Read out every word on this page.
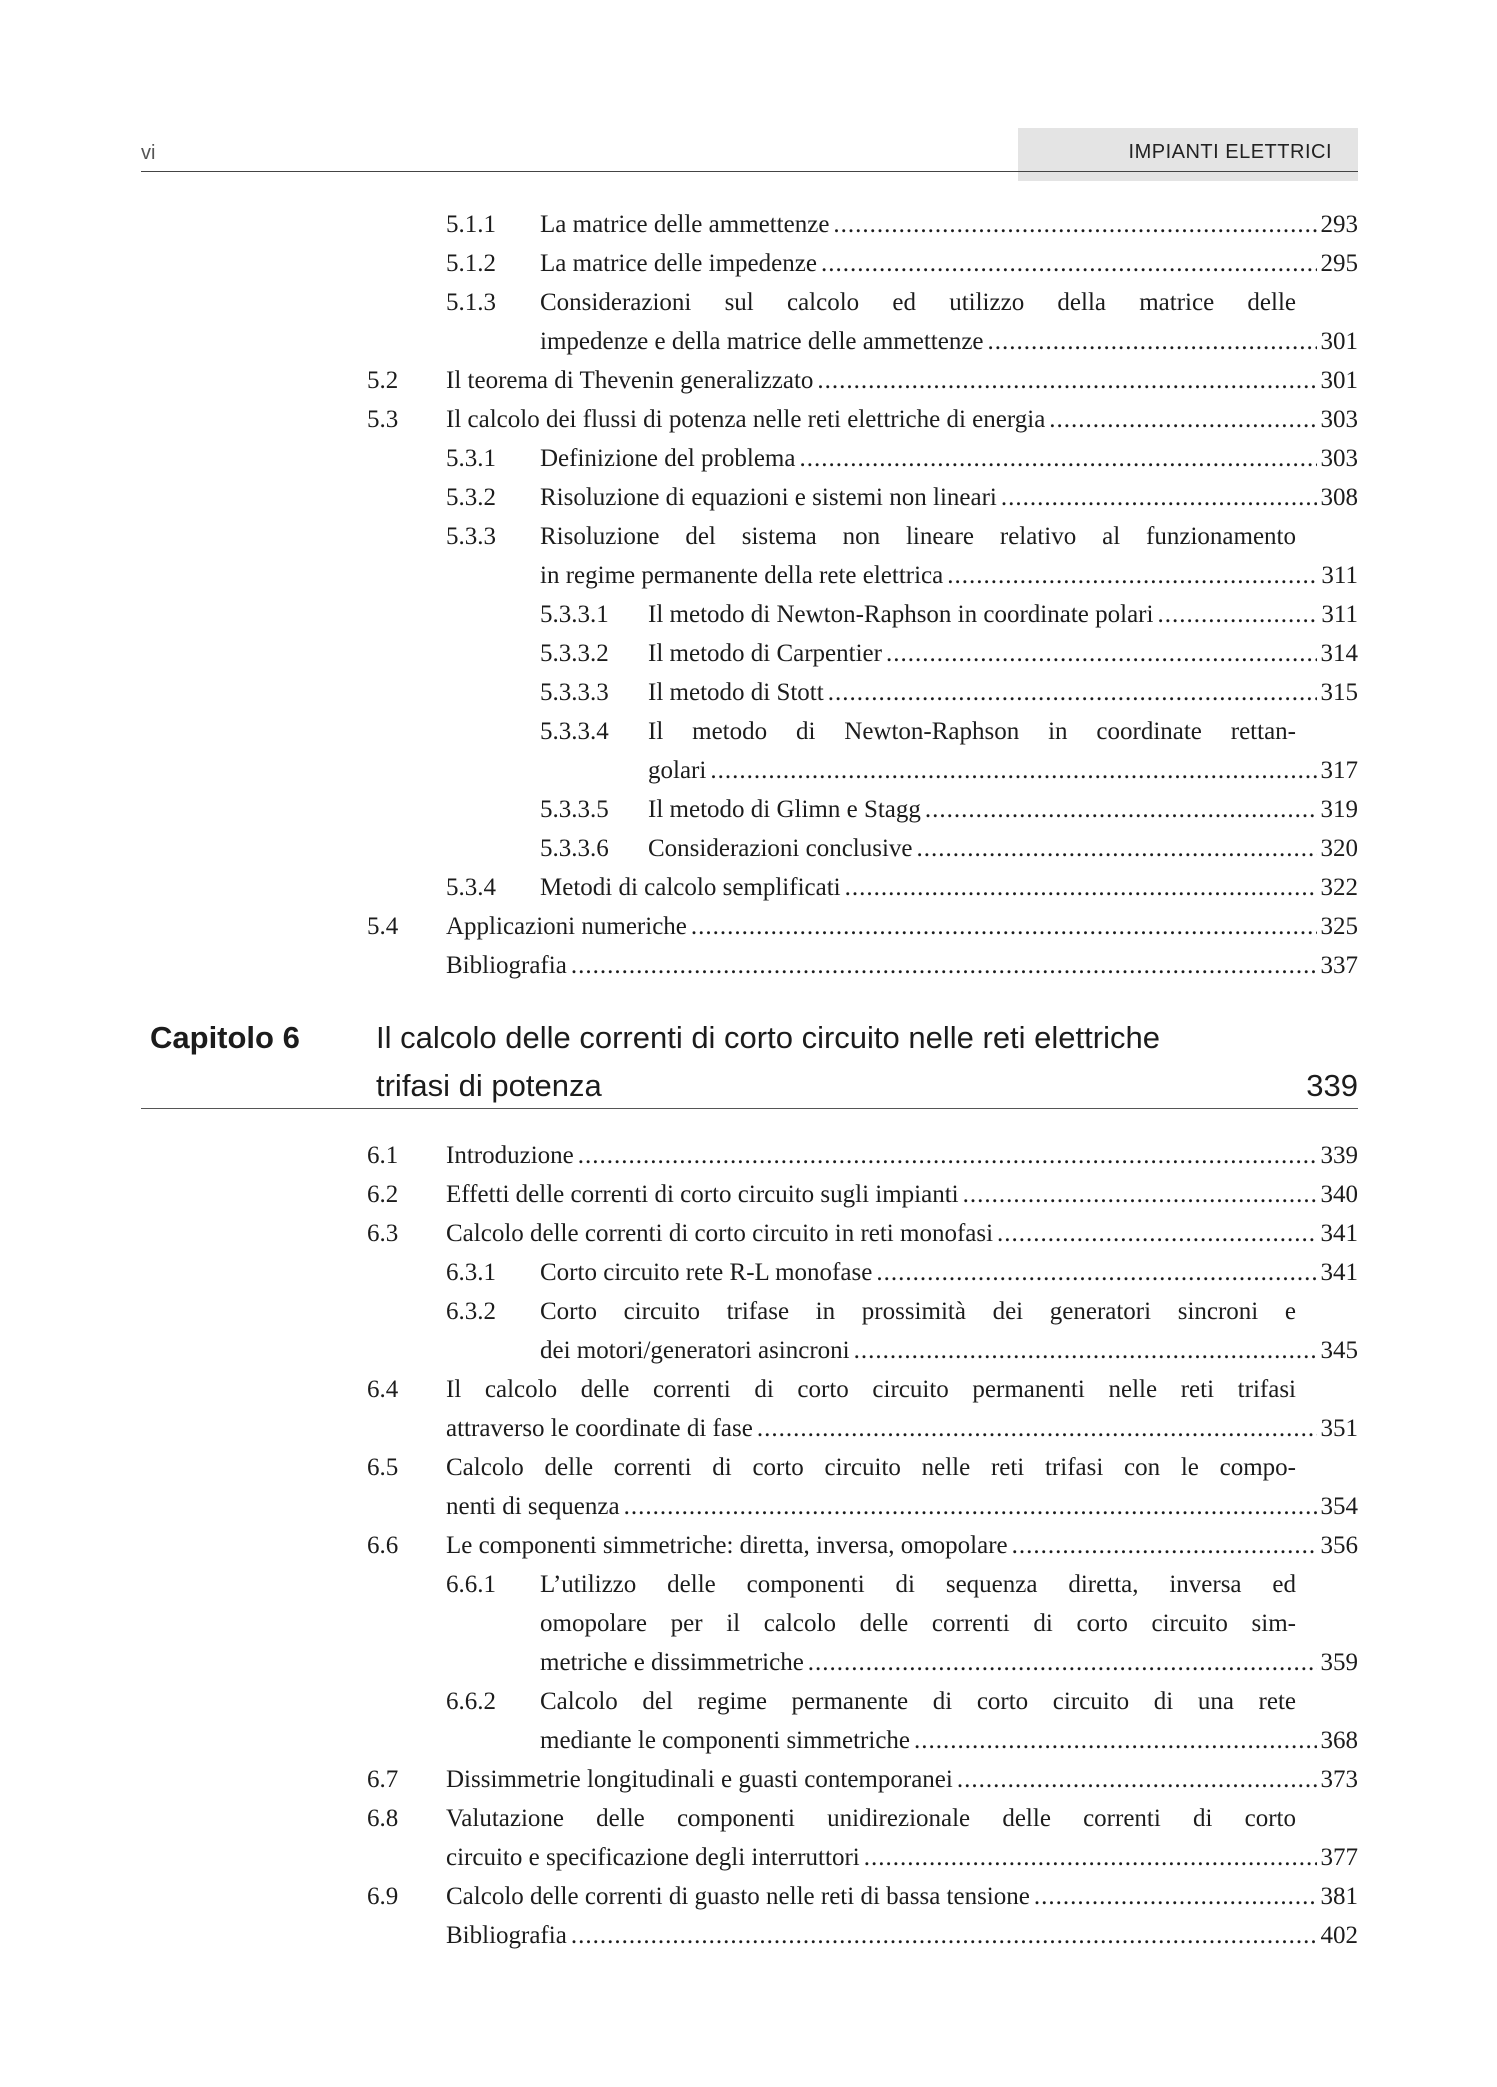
vi	IMPIANTI ELETTRICI
5.1.1 La matrice delle ammettenze .....	293
5.1.2 La matrice delle impedenze .....	295
5.1.3 Considerazioni sul calcolo ed utilizzo della matrice delle
impedenze e della matrice delle ammettenze .....	301
5.2 Il teorema di Thevenin generalizzato .....	301
5.3 Il calcolo dei flussi di potenza nelle reti elettriche di energia .....	303
5.3.1 Definizione del problema .....	303
5.3.2 Risoluzione di equazioni e sistemi non lineari .....	308
5.3.3 Risoluzione del sistema non lineare relativo al funzionamento
in regime permanente della rete elettrica .....	311
5.3.3.1 Il metodo di Newton-Raphson in coordinate polari .....	311
5.3.3.2 Il metodo di Carpentier .....	314
5.3.3.3 Il metodo di Stott .....	315
5.3.3.4 Il metodo di Newton-Raphson in coordinate rettan-
golari .....	317
5.3.3.5 Il metodo di Glimn e Stagg .....	319
5.3.3.6 Considerazioni conclusive .....	320
5.3.4 Metodi di calcolo semplificati .....	322
5.4 Applicazioni numeriche .....	325
Bibliografia .....	337
Capitolo 6 Il calcolo delle correnti di corto circuito nelle reti elettriche
trifasi di potenza	339
6.1 Introduzione .....	339
6.2 Effetti delle correnti di corto circuito sugli impianti .....	340
6.3 Calcolo delle correnti di corto circuito in reti monofasi .....	341
6.3.1 Corto circuito rete R-L monofase .....	341
6.3.2 Corto circuito trifase in prossimità dei generatori sincroni e
dei motori/generatori asincroni .....	345
6.4 Il calcolo delle correnti di corto circuito permanenti nelle reti trifasi
attraverso le coordinate di fase .....	351
6.5 Calcolo delle correnti di corto circuito nelle reti trifasi con le compo-
nenti di sequenza .....	354
6.6 Le componenti simmetriche: diretta, inversa, omopolare .....	356
6.6.1 L’utilizzo delle componenti di sequenza diretta, inversa ed
omopolare per il calcolo delle correnti di corto circuito sim-
metriche e dissimmetriche .....	359
6.6.2 Calcolo del regime permanente di corto circuito di una rete
mediante le componenti simmetriche .....	368
6.7 Dissimmetrie longitudinali e guasti contemporanei .....	373
6.8 Valutazione delle componenti unidirezionale delle correnti di corto
circuito e specificazione degli interruttori .....	377
6.9 Calcolo delle correnti di guasto nelle reti di bassa tensione .....	381
Bibliografia .....	402
